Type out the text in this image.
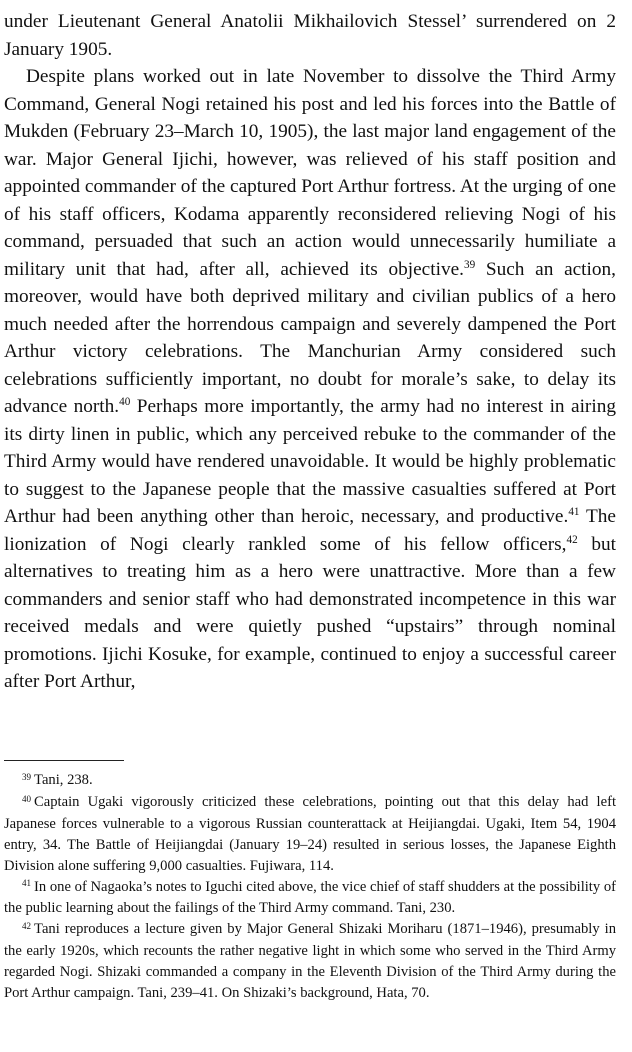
under Lieutenant General Anatolii Mikhailovich Stessel’ surrendered on 2 January 1905.

Despite plans worked out in late November to dissolve the Third Army Command, General Nogi retained his post and led his forces into the Battle of Mukden (February 23–March 10, 1905), the last major land engagement of the war. Major General Ijichi, however, was relieved of his staff position and appointed commander of the captured Port Arthur fortress. At the urging of one of his staff officers, Kodama apparently reconsidered relieving Nogi of his command, persuaded that such an action would unnecessarily humiliate a military unit that had, after all, achieved its objective.$^{39}$ Such an action, moreover, would have both deprived military and civilian publics of a hero much needed after the horrendous campaign and severely dampened the Port Arthur victory celebrations. The Manchurian Army considered such celebrations sufficiently important, no doubt for morale’s sake, to delay its advance north.$^{40}$ Perhaps more importantly, the army had no interest in airing its dirty linen in public, which any perceived rebuke to the commander of the Third Army would have rendered unavoidable. It would be highly problematic to suggest to the Japanese people that the massive casualties suffered at Port Arthur had been anything other than heroic, necessary, and productive.$^{41}$ The lionization of Nogi clearly rankled some of his fellow officers,$^{42}$ but alternatives to treating him as a hero were unattractive. More than a few commanders and senior staff who had demonstrated incompetence in this war received medals and were quietly pushed “upstairs” through nominal promotions. Ijichi Kosuke, for example, continued to enjoy a successful career after Port Arthur,

$^{39}$ Tani, 238.

$^{40}$ Captain Ugaki vigorously criticized these celebrations, pointing out that this delay had left Japanese forces vulnerable to a vigorous Russian counterattack at Heijiangdai. Ugaki, Item 54, 1904 entry, 34. The Battle of Heijiangdai (January 19–24) resulted in serious losses, the Japanese Eighth Division alone suffering 9,000 casualties. Fujiwara, 114.

$^{41}$ In one of Nagaoka’s notes to Iguchi cited above, the vice chief of staff shudders at the possibility of the public learning about the failings of the Third Army command. Tani, 230.

$^{42}$ Tani reproduces a lecture given by Major General Shizaki Moriharu (1871–1946), presumably in the early 1920s, which recounts the rather negative light in which some who served in the Third Army regarded Nogi. Shizaki commanded a company in the Eleventh Division of the Third Army during the Port Arthur campaign. Tani, 239–41. On Shizaki’s background, Hata, 70.
